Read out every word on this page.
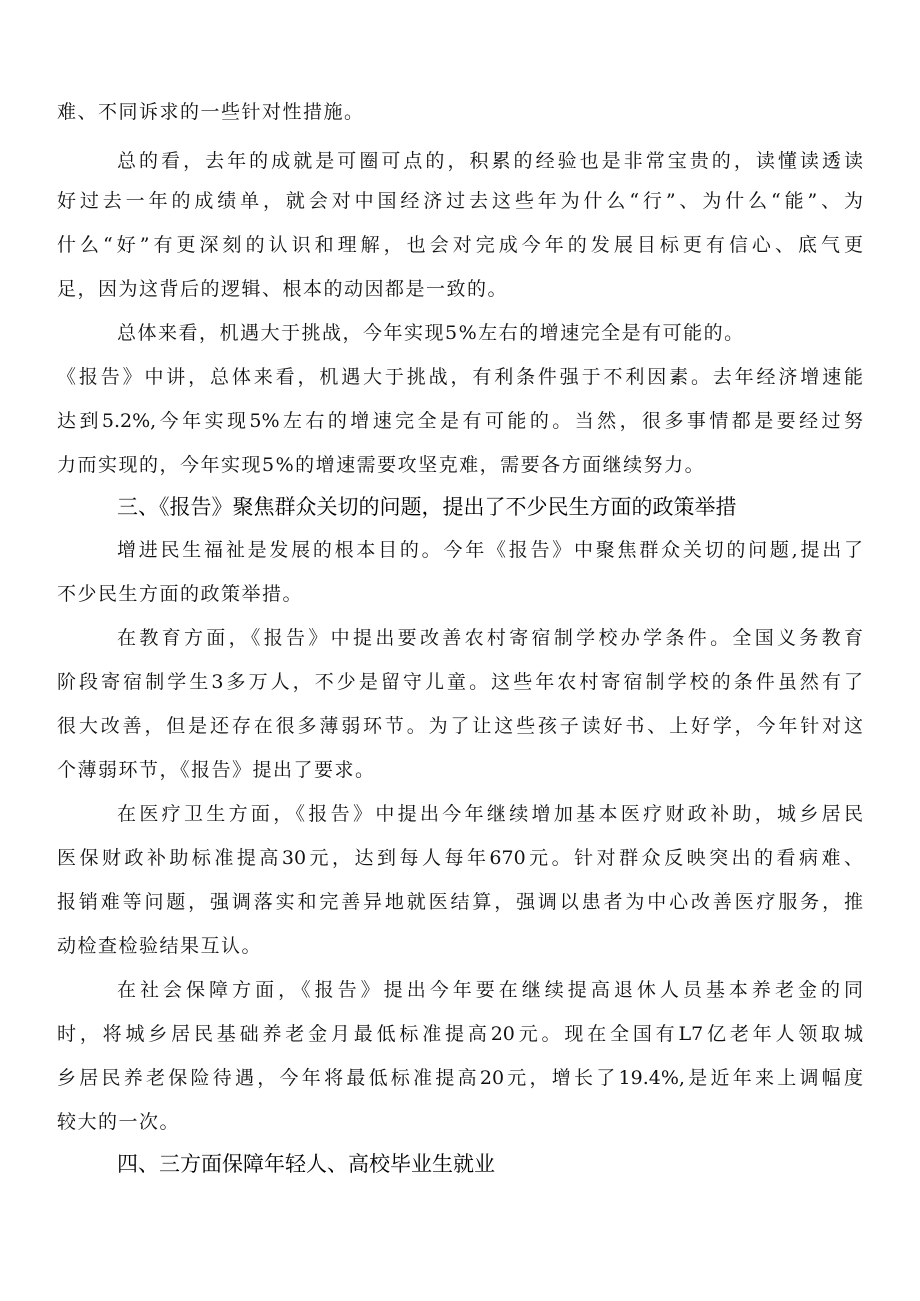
难、不同诉求的一些针对性措施。
总的看，去年的成就是可圈可点的，积累的经验也是非常宝贵的，读懂读透读
好过去一年的成绩单，就会对中国经济过去这些年为什么“行”、为什么“能”、为
什么“好”有更深刻的认识和理解，也会对完成今年的发展目标更有信心、底气更
足，因为这背后的逻辑、根本的动因都是一致的。
总体来看，机遇大于挑战，今年实现5%左右的增速完全是有可能的。
《报告》中讲，总体来看，机遇大于挑战，有利条件强于不利因素。去年经济增速能
达到5.2%,今年实现5%左右的增速完全是有可能的。当然，很多事情都是要经过努
力而实现的，今年实现5%的增速需要攻坚克难，需要各方面继续努力。
三、《报告》聚焦群众关切的问题，提出了不少民生方面的政策举措
增进民生福祉是发展的根本目的。今年《报告》中聚焦群众关切的问题,提出了
不少民生方面的政策举措。
在教育方面，《报告》中提出要改善农村寄宿制学校办学条件。全国义务教育
阶段寄宿制学生3多万人，不少是留守儿童。这些年农村寄宿制学校的条件虽然有了
很大改善，但是还存在很多薄弱环节。为了让这些孩子读好书、上好学，今年针对这
个薄弱环节，《报告》提出了要求。
在医疗卫生方面，《报告》中提出今年继续增加基本医疗财政补助，城乡居民
医保财政补助标准提高30元，达到每人每年670元。针对群众反映突出的看病难、
报销难等问题，强调落实和完善异地就医结算，强调以患者为中心改善医疗服务，推
动检查检验结果互认。
在社会保障方面，《报告》提出今年要在继续提高退休人员基本养老金的同
时，将城乡居民基础养老金月最低标准提高20元。现在全国有L7亿老年人领取城
乡居民养老保险待遇，今年将最低标准提高20元，增长了19.4%,是近年来上调幅度
较大的一次。
四、三方面保障年轻人、高校毕业生就业
